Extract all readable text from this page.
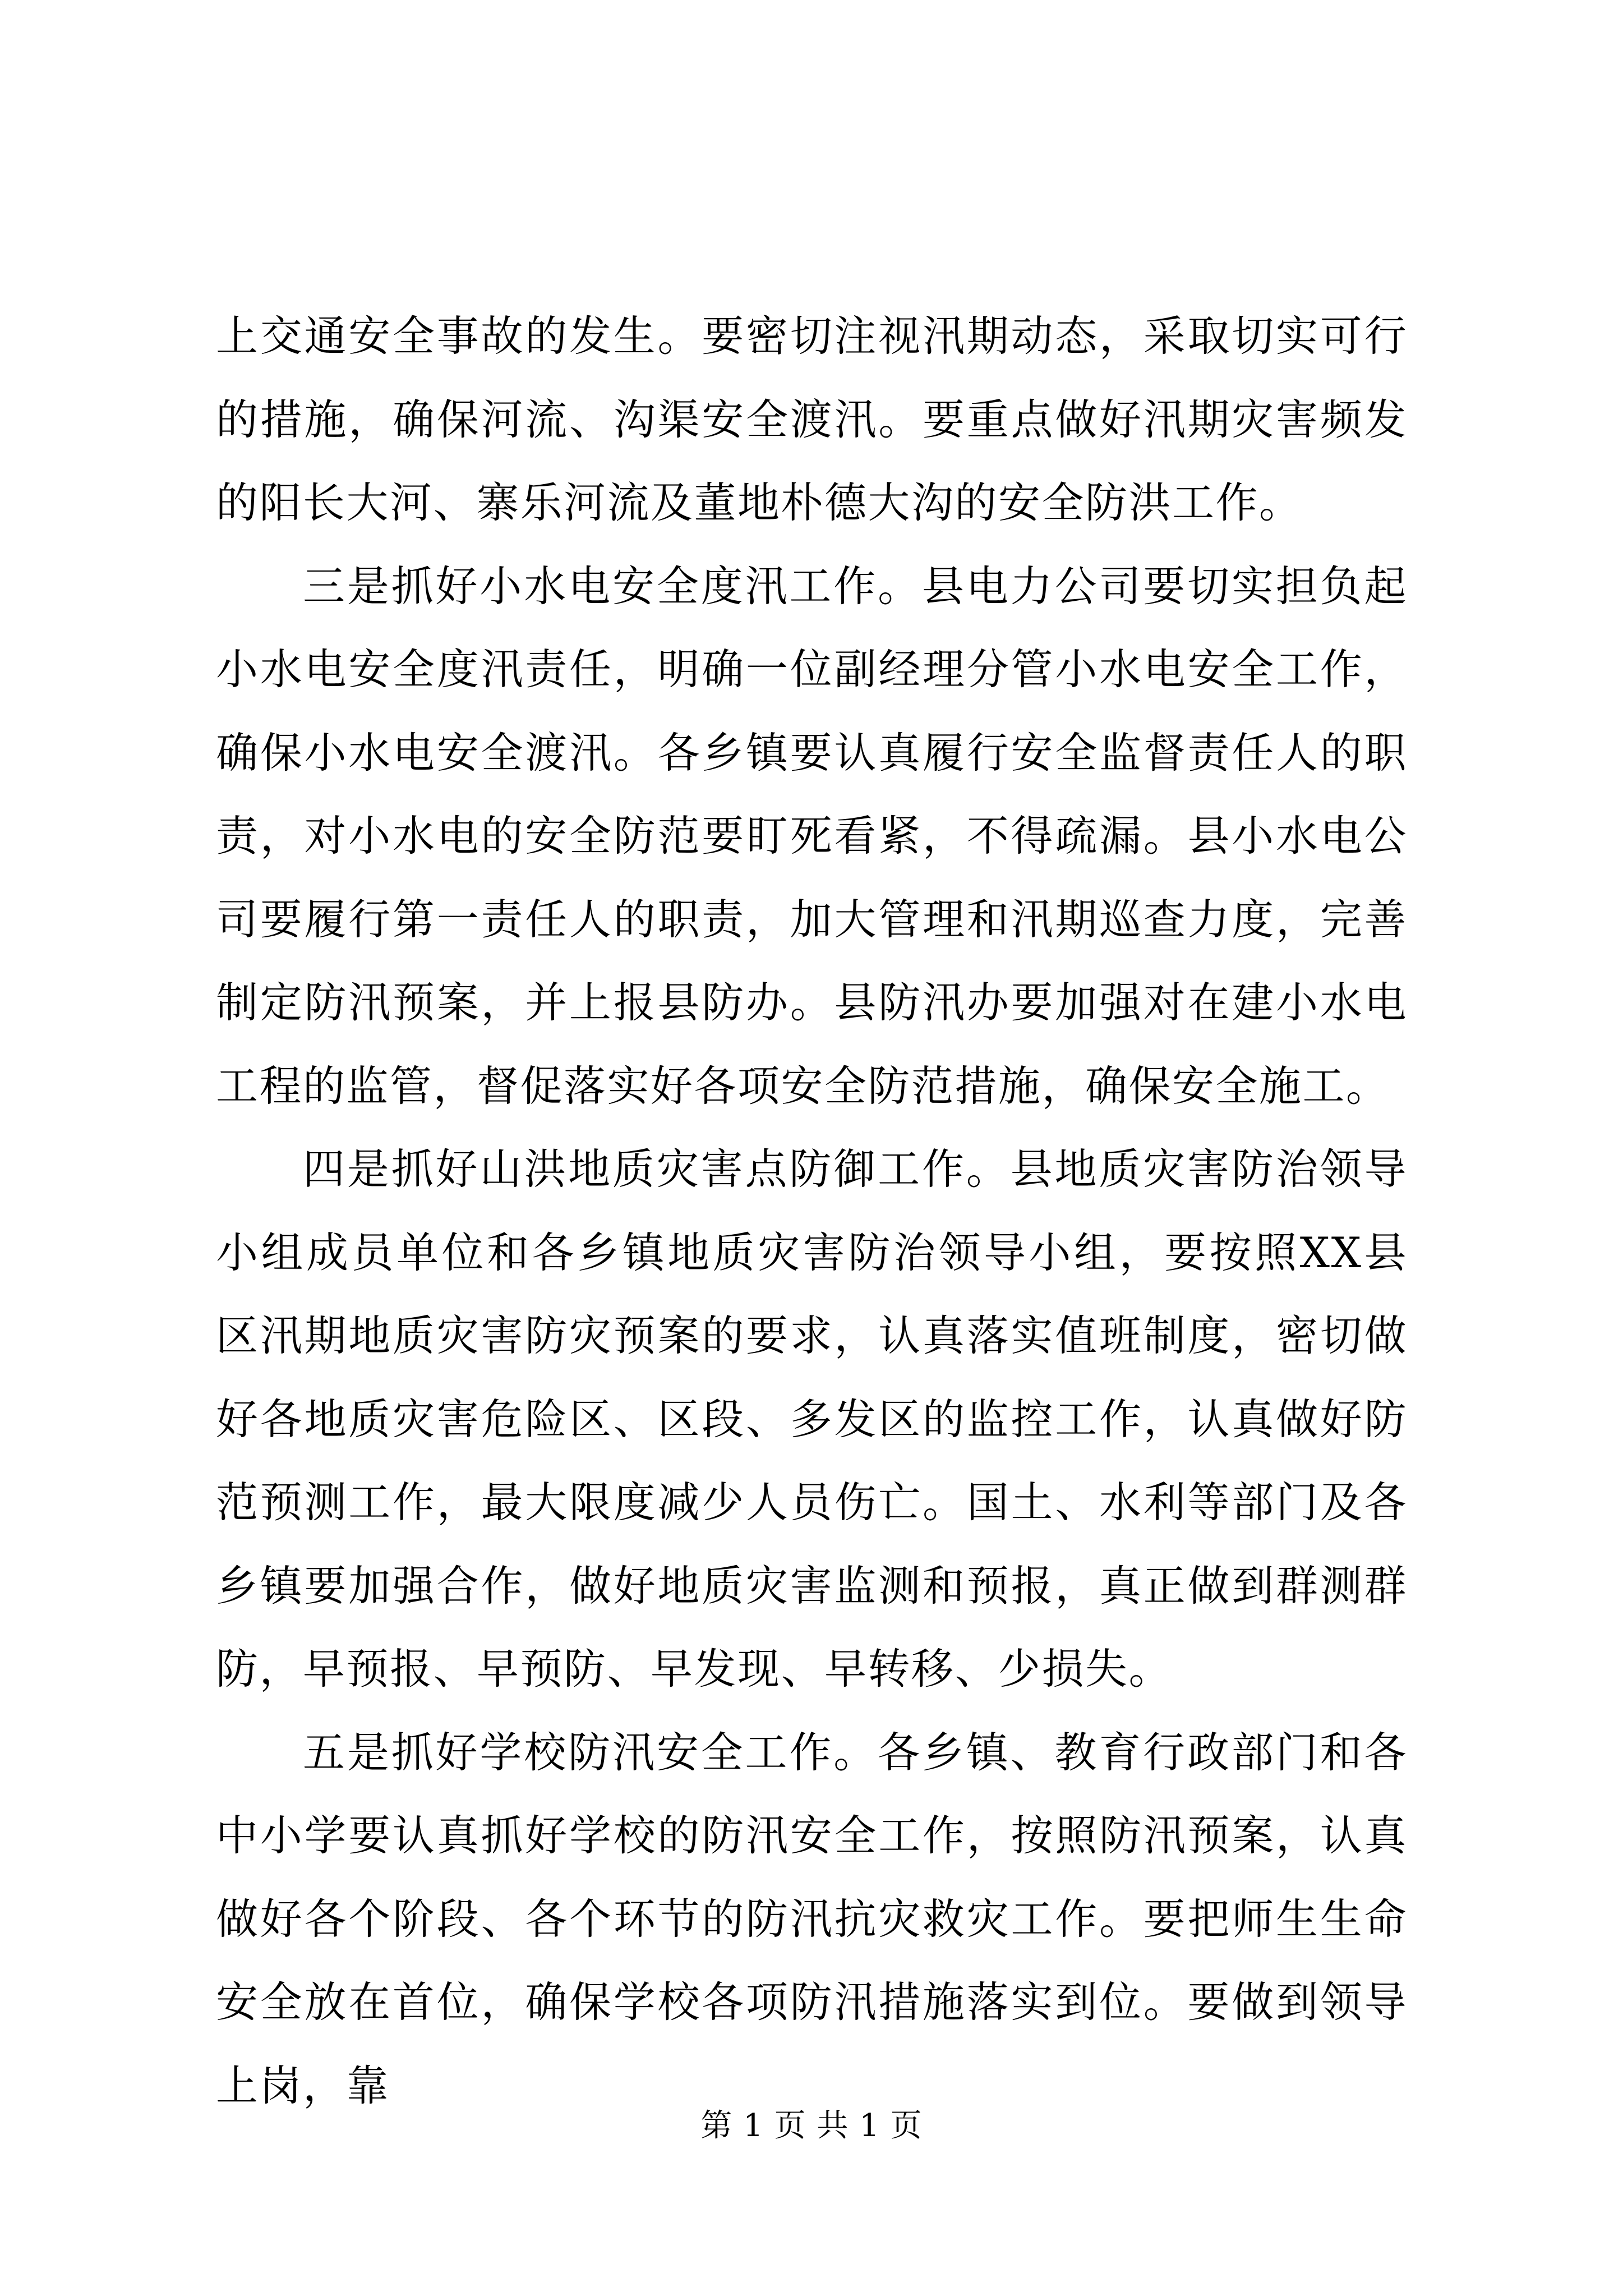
上交通安全事故的发生。要密切注视汛期动态，采取切实可行的措施，确保河流、沟渠安全渡汛。要重点做好汛期灾害频发的阳长大河、寨乐河流及董地朴德大沟的安全防洪工作。

三是抓好小水电安全度汛工作。县电力公司要切实担负起小水电安全度汛责任，明确一位副经理分管小水电安全工作，确保小水电安全渡汛。各乡镇要认真履行安全监督责任人的职责，对小水电的安全防范要盯死看紧，不得疏漏。县小水电公司要履行第一责任人的职责，加大管理和汛期巡查力度，完善制定防汛预案，并上报县防办。县防汛办要加强对在建小水电工程的监管，督促落实好各项安全防范措施，确保安全施工。

四是抓好山洪地质灾害点防御工作。县地质灾害防治领导小组成员单位和各乡镇地质灾害防治领导小组，要按照XX县区汛期地质灾害防灾预案的要求，认真落实值班制度，密切做好各地质灾害危险区、区段、多发区的监控工作，认真做好防范预测工作，最大限度减少人员伤亡。国土、水利等部门及各乡镇要加强合作，做好地质灾害监测和预报，真正做到群测群防，早预报、早预防、早发现、早转移、少损失。

五是抓好学校防汛安全工作。各乡镇、教育行政部门和各中小学要认真抓好学校的防汛安全工作，按照防汛预案，认真做好各个阶段、各个环节的防汛抗灾救灾工作。要把师生生命安全放在首位，确保学校各项防汛措施落实到位。要做到领导上岗，靠

第 1 页 共 1 页
